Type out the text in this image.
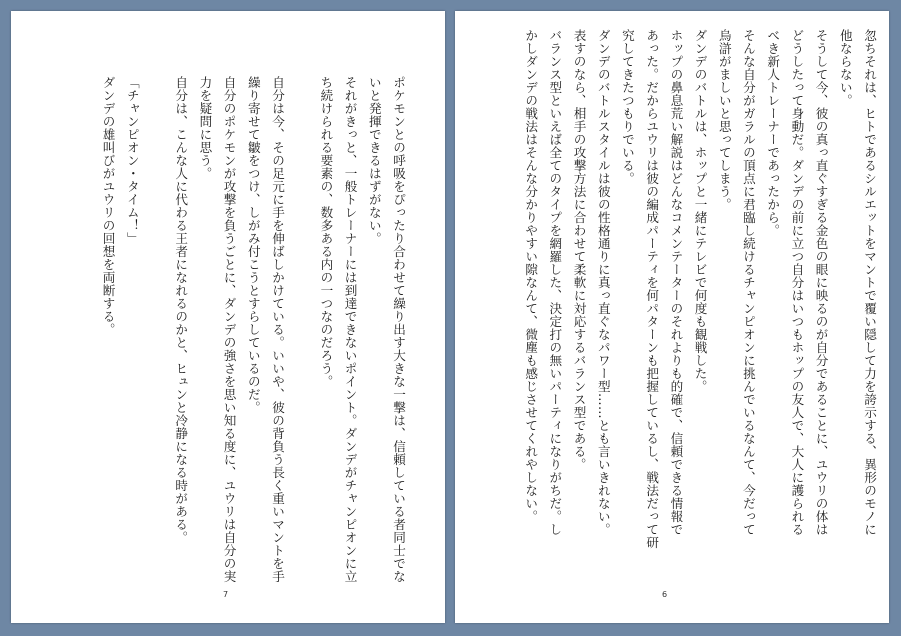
ポケモンとの呼吸をぴったり合わせて繰り出す大きな一撃は、信頼している者同士でな

いと発揮できるはずがない。

それがきっと、一般トレーナーには到達できないポイント。ダンデがチャンピオンに立

ち続けられる要素の、数多ある内の一つなのだろう。

自分は今、その足元に手を伸ばしかけている。いいや、彼の背負う長く重いマントを手

繰り寄せて皺をつけ、しがみ付こうとすらしているのだ。

自分のポケモンが攻撃を負うごとに、ダンデの強さを思い知る度に、ユウリは自分の実

力を疑問に思う。

自分は、こんな人に代わる王者になれるのかと、ヒュンと冷静になる時がある。

「チャンピオン・タイム！」

ダンデの雄叫びがユウリの回想を両断する。

7

忽ちそれは、ヒトであるシルエットをマントで覆い隠して力を誇示する、異形のモノに

他ならない。

そうして今、彼の真っ直ぐすぎる金色の眼に映るのが自分であることに、ユウリの体は

どうしたって身動だ。ダンデの前に立つ自分はいつもホップの友人で、大人に護られる

べき新人トレーナーであったから。

そんな自分がガラルの頂点に君臨し続けるチャンピオンに挑んでいるなんて、今だって

烏滸がましいと思ってしまう。

ダンデのバトルは、ホップと一緒にテレビで何度も観戦した。

ホップの鼻息荒い解説はどんなコメンテーターのそれよりも的確で、信頼できる情報で

あった。だからユウリは彼の編成パーティを何パターンも把握しているし、戦法だって研

究してきたつもりでいる。

ダンデのバトルスタイルは彼の性格通りに真っ直ぐなパワー型……とも言いきれない。

表すのなら、相手の攻撃方法に合わせて柔軟に対応するバランス型である。

バランス型といえば全てのタイプを網羅した、決定打の無いパーティになりがちだ。し

かしダンデの戦法はそんな分かりやすい隙なんて、微塵も感じさせてくれやしない。

6
